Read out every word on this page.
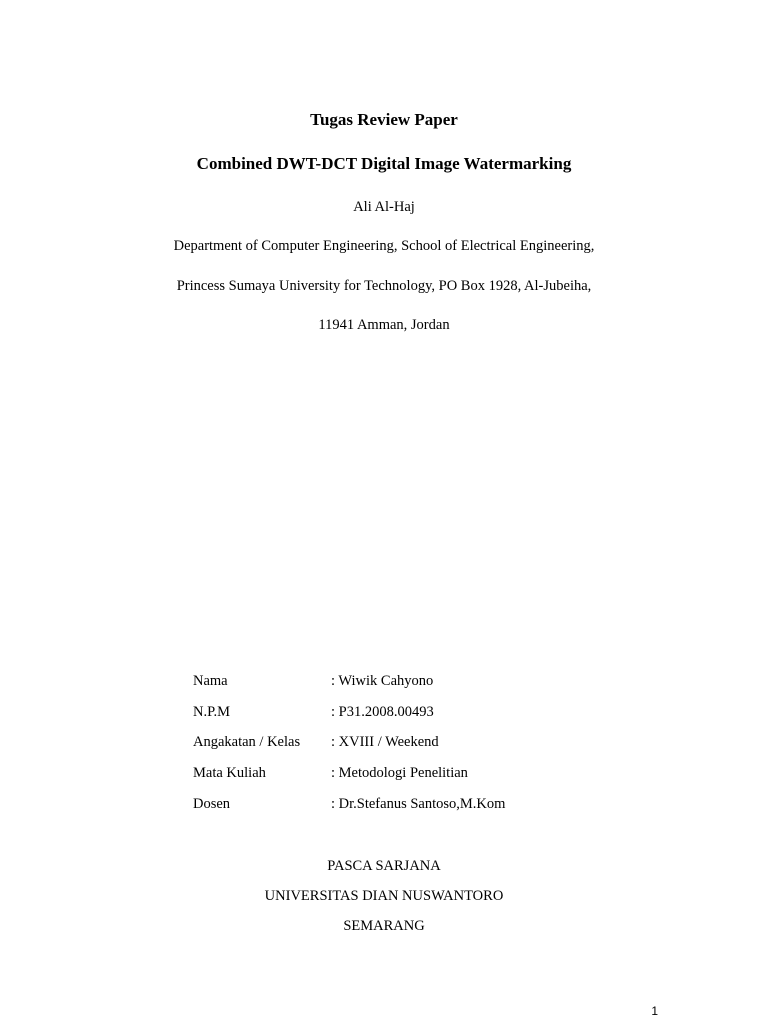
Tugas Review Paper
Combined DWT-DCT Digital Image Watermarking
Ali Al-Haj
Department of Computer Engineering, School of Electrical Engineering,
Princess Sumaya University for Technology, PO Box 1928, Al-Jubeiha,
11941 Amman, Jordan
Nama	: Wiwik Cahyono
N.P.M	: P31.2008.00493
Angakatan / Kelas : XVIII / Weekend
Mata Kuliah	: Metodologi Penelitian
Dosen	: Dr.Stefanus Santoso,M.Kom
PASCA SARJANA
UNIVERSITAS DIAN NUSWANTORO
SEMARANG
1
